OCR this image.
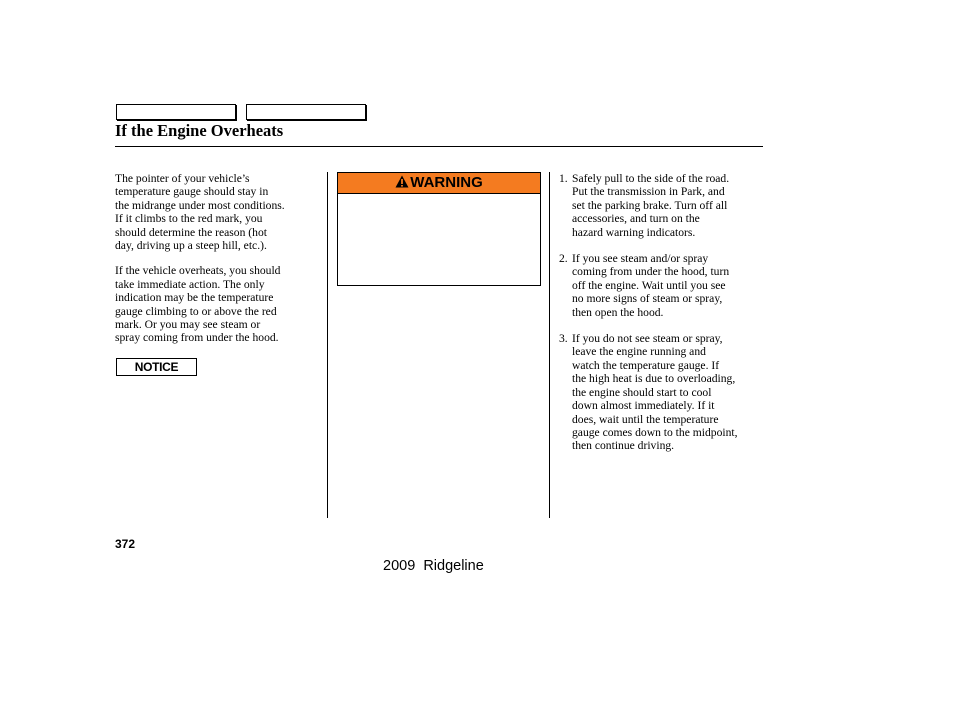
If the Engine Overheats

The pointer of your vehicle’s
temperature gauge should stay in
the midrange under most conditions.
If it climbs to the red mark, you
should determine the reason (hot
day, driving up a steep hill, etc.).

If the vehicle overheats, you should
take immediate action. The only
indication may be the temperature
gauge climbing to or above the red
mark. Or you may see steam or
spray coming from under the hood.

NOTICE
WARNING	1. Safely pull to the side of the road.
Put the transmission in Park, and
set the parking brake. Turn off all
accessories, and turn on the
hazard warning indicators.
2. If you see steam and/or spray
coming from under the hood, turn
off the engine. Wait until you see
no more signs of steam or spray,
then open the hood.
3. If you do not see steam or spray,
leave the engine running and
watch the temperature gauge. If
the high heat is due to overloading,
the engine should start to cool
down almost immediately. If it
does, wait until the temperature
gauge comes down to the midpoint,
then continue driving.
372
2009  Ridgeline
